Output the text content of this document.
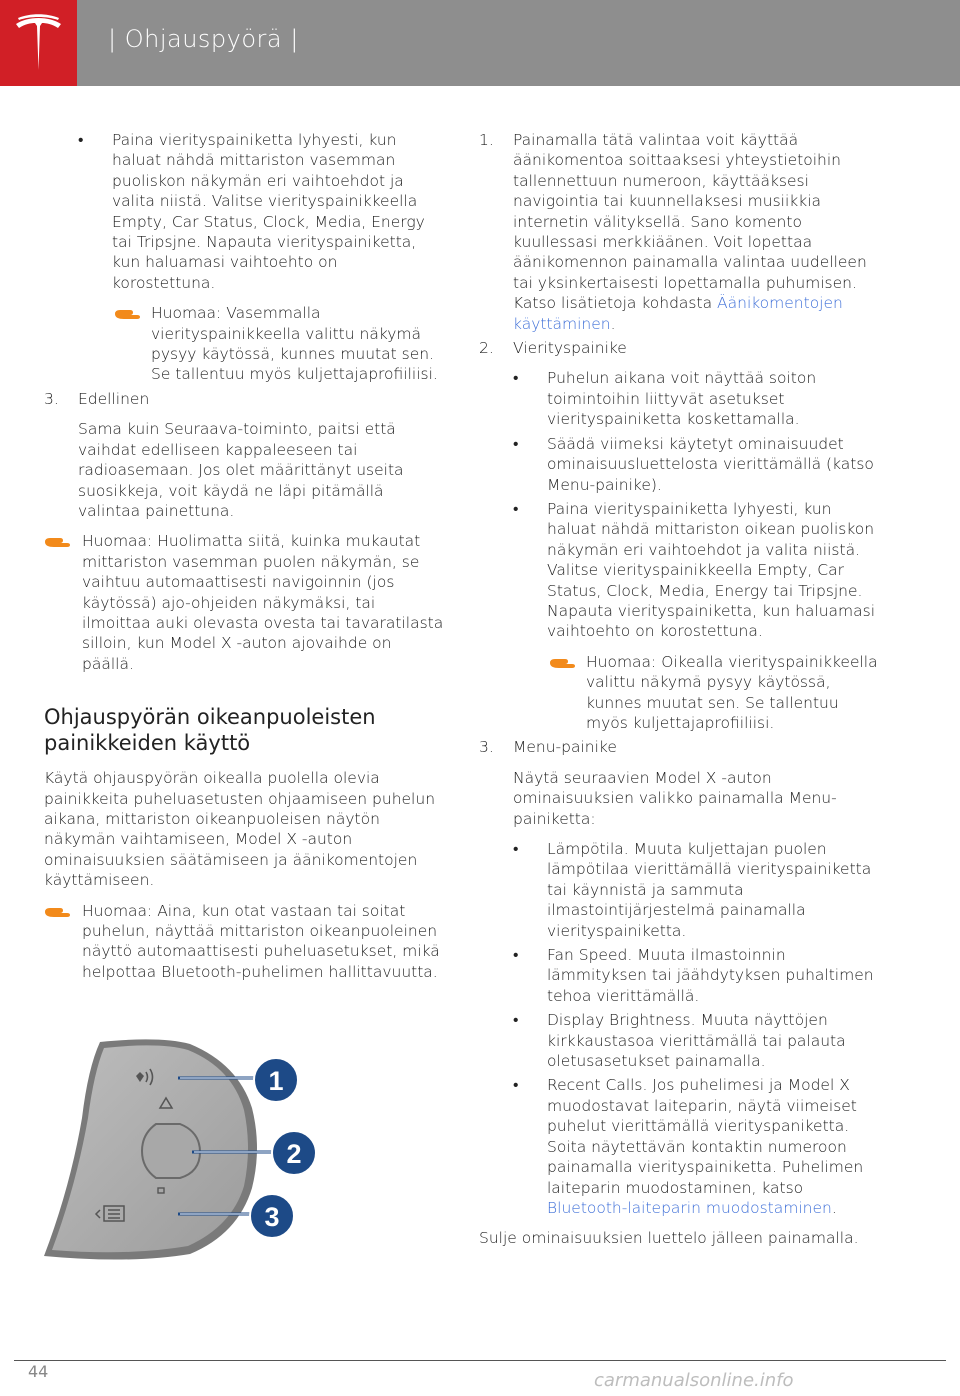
| Ohjauspyörä |
• Paina vierityspainiketta lyhyesti, kun haluat nähdä mittariston vasemman puoliskon näkymän eri vaihtoehdot ja valita niistä. Valitse vierityspainikkeella Empty, Car Status, Clock, Media, Energy tai Tripsjne. Napauta vierityspainiketta, kun haluamasi vaihtoehto on korostettuna.

Huomaa: Vasemmalla vierityspainikkeella valittu näkymä pysyy käytössä, kunnes muutat sen. Se tallentuu myös kuljettajaprofiiliisi.

3. Edellinen

Sama kuin Seuraava-toiminto, paitsi että vaihdat edelliseen kappaleeseen tai radioasemaan. Jos olet määrittänyt useita suosikkeja, voit käydä ne läpi pitämällä valintaa painettuna.

Huomaa: Huolimatta siitä, kuinka mukautat mittariston vasemman puolen näkymän, se vaihtuu automaattisesti navigoinnin (jos käytössä) ajo-ohjeiden näkymäksi, tai ilmoittaa auki olevasta ovesta tai tavaratilasta silloin, kun Model X -auton ajovaihde on päällä.

Ohjauspyörän oikeanpuoleisten painikkeiden käyttö

Käytä ohjauspyörän oikealla puolella olevia painikkeita puheluasetusten ohjaamiseen puhelun aikana, mittariston oikeanpuoleisen näytön näkymän vaihtamiseen, Model X -auton ominaisuuksien säätämiseen ja äänikomentojen käyttämiseen.

Huomaa: Aina, kun otat vastaan tai soitat puhelun, näyttää mittariston oikeanpuoleinen näyttö automaattisesti puheluasetukset, mikä helpottaa Bluetooth-puhelimen hallittavuutta.

1
2
3
1. Painamalla tätä valintaa voit käyttää äänikomentoa soittaaksesi yhteystietoihin tallennettuun numeroon, käyttääksesi navigointia tai kuunnellaksesi musiikkia internetin välityksellä. Sano komento kuullessasi merkkiäänen. Voit lopettaa äänikomennon painamalla valintaa uudelleen tai yksinkertaisesti lopettamalla puhumisen. Katso lisätietoja kohdasta Äänikomentojen käyttäminen.

2. Vierityspainike

• Puhelun aikana voit näyttää soiton toimintoihin liittyvät asetukset vierityspainiketta koskettamalla.

• Säädä viimeksi käytetyt ominaisuudet ominaisuusluettelosta vierittämällä (katso Menu-painike).

• Paina vierityspainiketta lyhyesti, kun haluat nähdä mittariston oikean puoliskon näkymän eri vaihtoehdot ja valita niistä. Valitse vierityspainikkeella Empty, Car Status, Clock, Media, Energy tai Tripsjne. Napauta vierityspainiketta, kun haluamasi vaihtoehto on korostettuna.

Huomaa: Oikealla vierityspainikkeella valittu näkymä pysyy käytössä, kunnes muutat sen. Se tallentuu myös kuljettajaprofiiliisi.

3. Menu-painike

Näytä seuraavien Model X -auton ominaisuuksien valikko painamalla Menu-painiketta:

• Lämpötila. Muuta kuljettajan puolen lämpötilaa vierittämällä vierityspainiketta tai käynnistä ja sammuta ilmastointijärjestelmä painamalla vierityspainiketta.

• Fan Speed. Muuta ilmastoinnin lämmityksen tai jäähdytyksen puhaltimen tehoa vierittämällä.

• Display Brightness. Muuta näyttöjen kirkkaustasoa vierittämällä tai palauta oletusasetukset painamalla.

• Recent Calls. Jos puhelimesi ja Model X muodostavat laiteparin, näytä viimeiset puhelut vierittämällä vierityspaniketta. Soita näytettävän kontaktin numeroon painamalla vierityspainiketta. Puhelimen laiteparin muodostaminen, katso Bluetooth-laiteparin muodostaminen.

Sulje ominaisuuksien luettelo jälleen painamalla.

44	carmanualsonline.info
